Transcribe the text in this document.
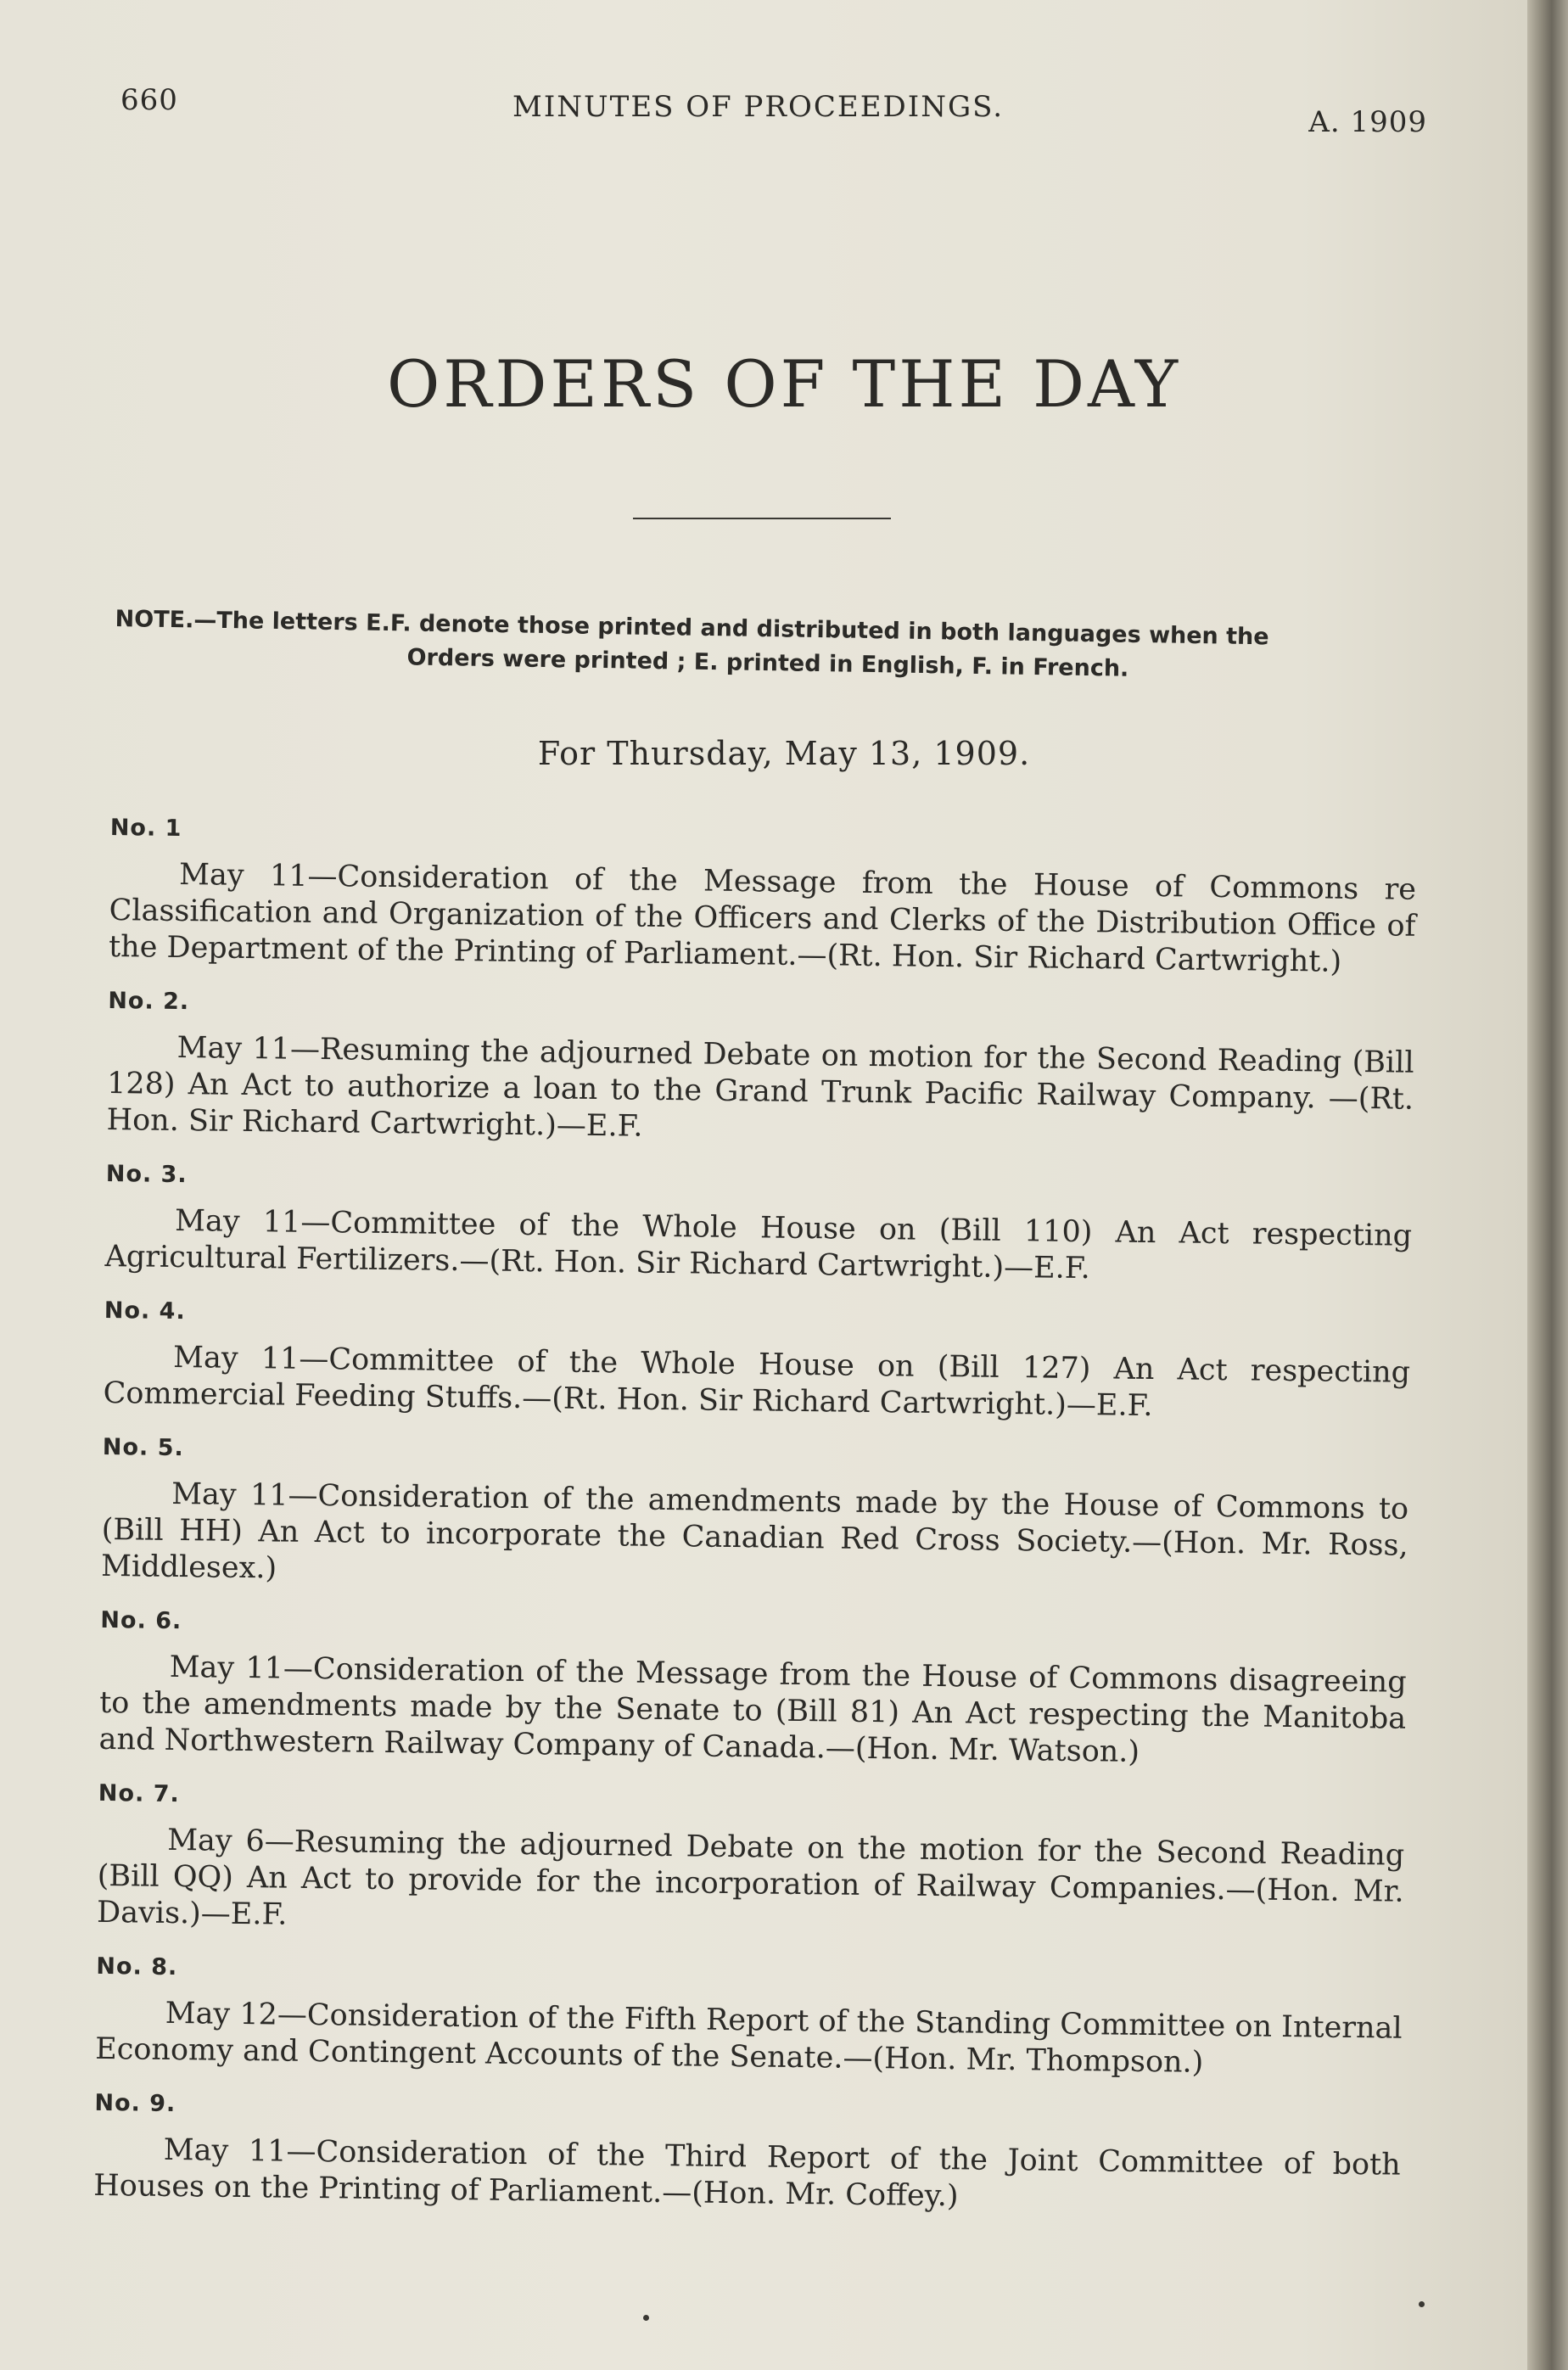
660	MINUTES OF PROCEEDINGS.	A. 1909
ORDERS OF THE DAY
NOTE.—The letters E.F. denote those printed and distributed in both languages when the
Orders were printed ; E. printed in English, F. in French.
For Thursday, May 13, 1909.
No. 1

May 11—Consideration of the Message from the House of Commons re Classification and Organization of the Officers and Clerks of the Distribution Office of the Department of the Printing of Parliament.—(Rt. Hon. Sir Richard Cartwright.)

No. 2.

May 11—Resuming the adjourned Debate on motion for the Second Reading (Bill 128) An Act to authorize a loan to the Grand Trunk Pacific Railway Company. —(Rt. Hon. Sir Richard Cartwright.)—E.F.

No. 3.

May 11—Committee of the Whole House on (Bill 110) An Act respecting Agricultural Fertilizers.—(Rt. Hon. Sir Richard Cartwright.)—E.F.

No. 4.

May 11—Committee of the Whole House on (Bill 127) An Act respecting Commercial Feeding Stuffs.—(Rt. Hon. Sir Richard Cartwright.)—E.F.

No. 5.

May 11—Consideration of the amendments made by the House of Commons to (Bill HH) An Act to incorporate the Canadian Red Cross Society.—(Hon. Mr. Ross, Middlesex.)

No. 6.

May 11—Consideration of the Message from the House of Commons disagreeing to the amendments made by the Senate to (Bill 81) An Act respecting the Manitoba and Northwestern Railway Company of Canada.—(Hon. Mr. Watson.)

No. 7.

May 6—Resuming the adjourned Debate on the motion for the Second Reading (Bill QQ) An Act to provide for the incorporation of Railway Companies.—(Hon. Mr. Davis.)—E.F.

No. 8.

May 12—Consideration of the Fifth Report of the Standing Committee on Internal Economy and Contingent Accounts of the Senate.—(Hon. Mr. Thompson.)

No. 9.

May 11—Consideration of the Third Report of the Joint Committee of both Houses on the Printing of Parliament.—(Hon. Mr. Coffey.)
